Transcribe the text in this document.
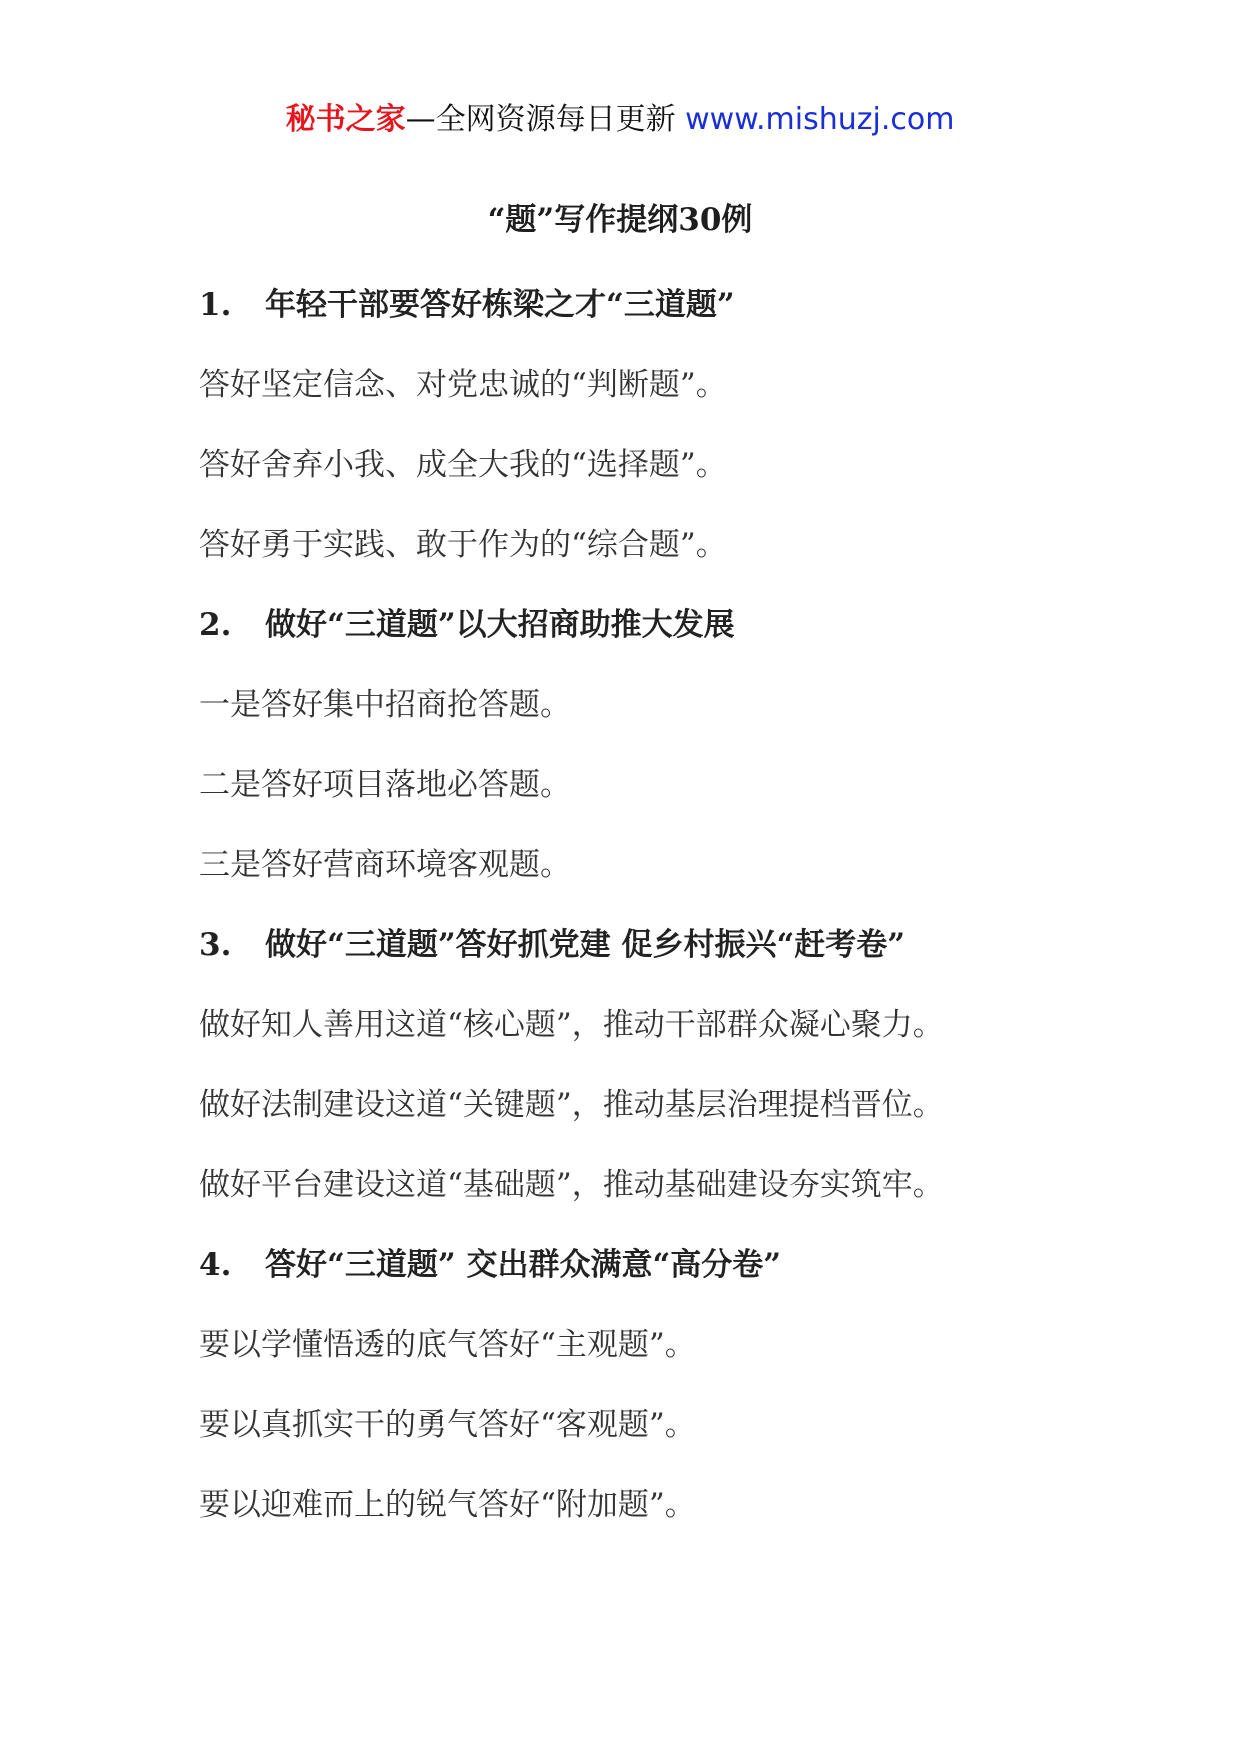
秘书之家—全网资源每日更新 www.mishuzj.com
“题”写作提纲30例
1. 年轻干部要答好栋梁之才“三道题”
答好坚定信念、对党忠诚的“判断题”。
答好舍弃小我、成全大我的“选择题”。
答好勇于实践、敢于作为的“综合题”。
2. 做好“三道题”以大招商助推大发展
一是答好集中招商抢答题。
二是答好项目落地必答题。
三是答好营商环境客观题。
3. 做好“三道题”答好抓党建 促乡村振兴“赶考卷”
做好知人善用这道“核心题”，推动干部群众凝心聚力。
做好法制建设这道“关键题”，推动基层治理提档晋位。
做好平台建设这道“基础题”，推动基础建设夯实筑牢。
4. 答好“三道题” 交出群众满意“高分卷”
要以学懂悟透的底气答好“主观题”。
要以真抓实干的勇气答好“客观题”。
要以迎难而上的锐气答好“附加题”。
